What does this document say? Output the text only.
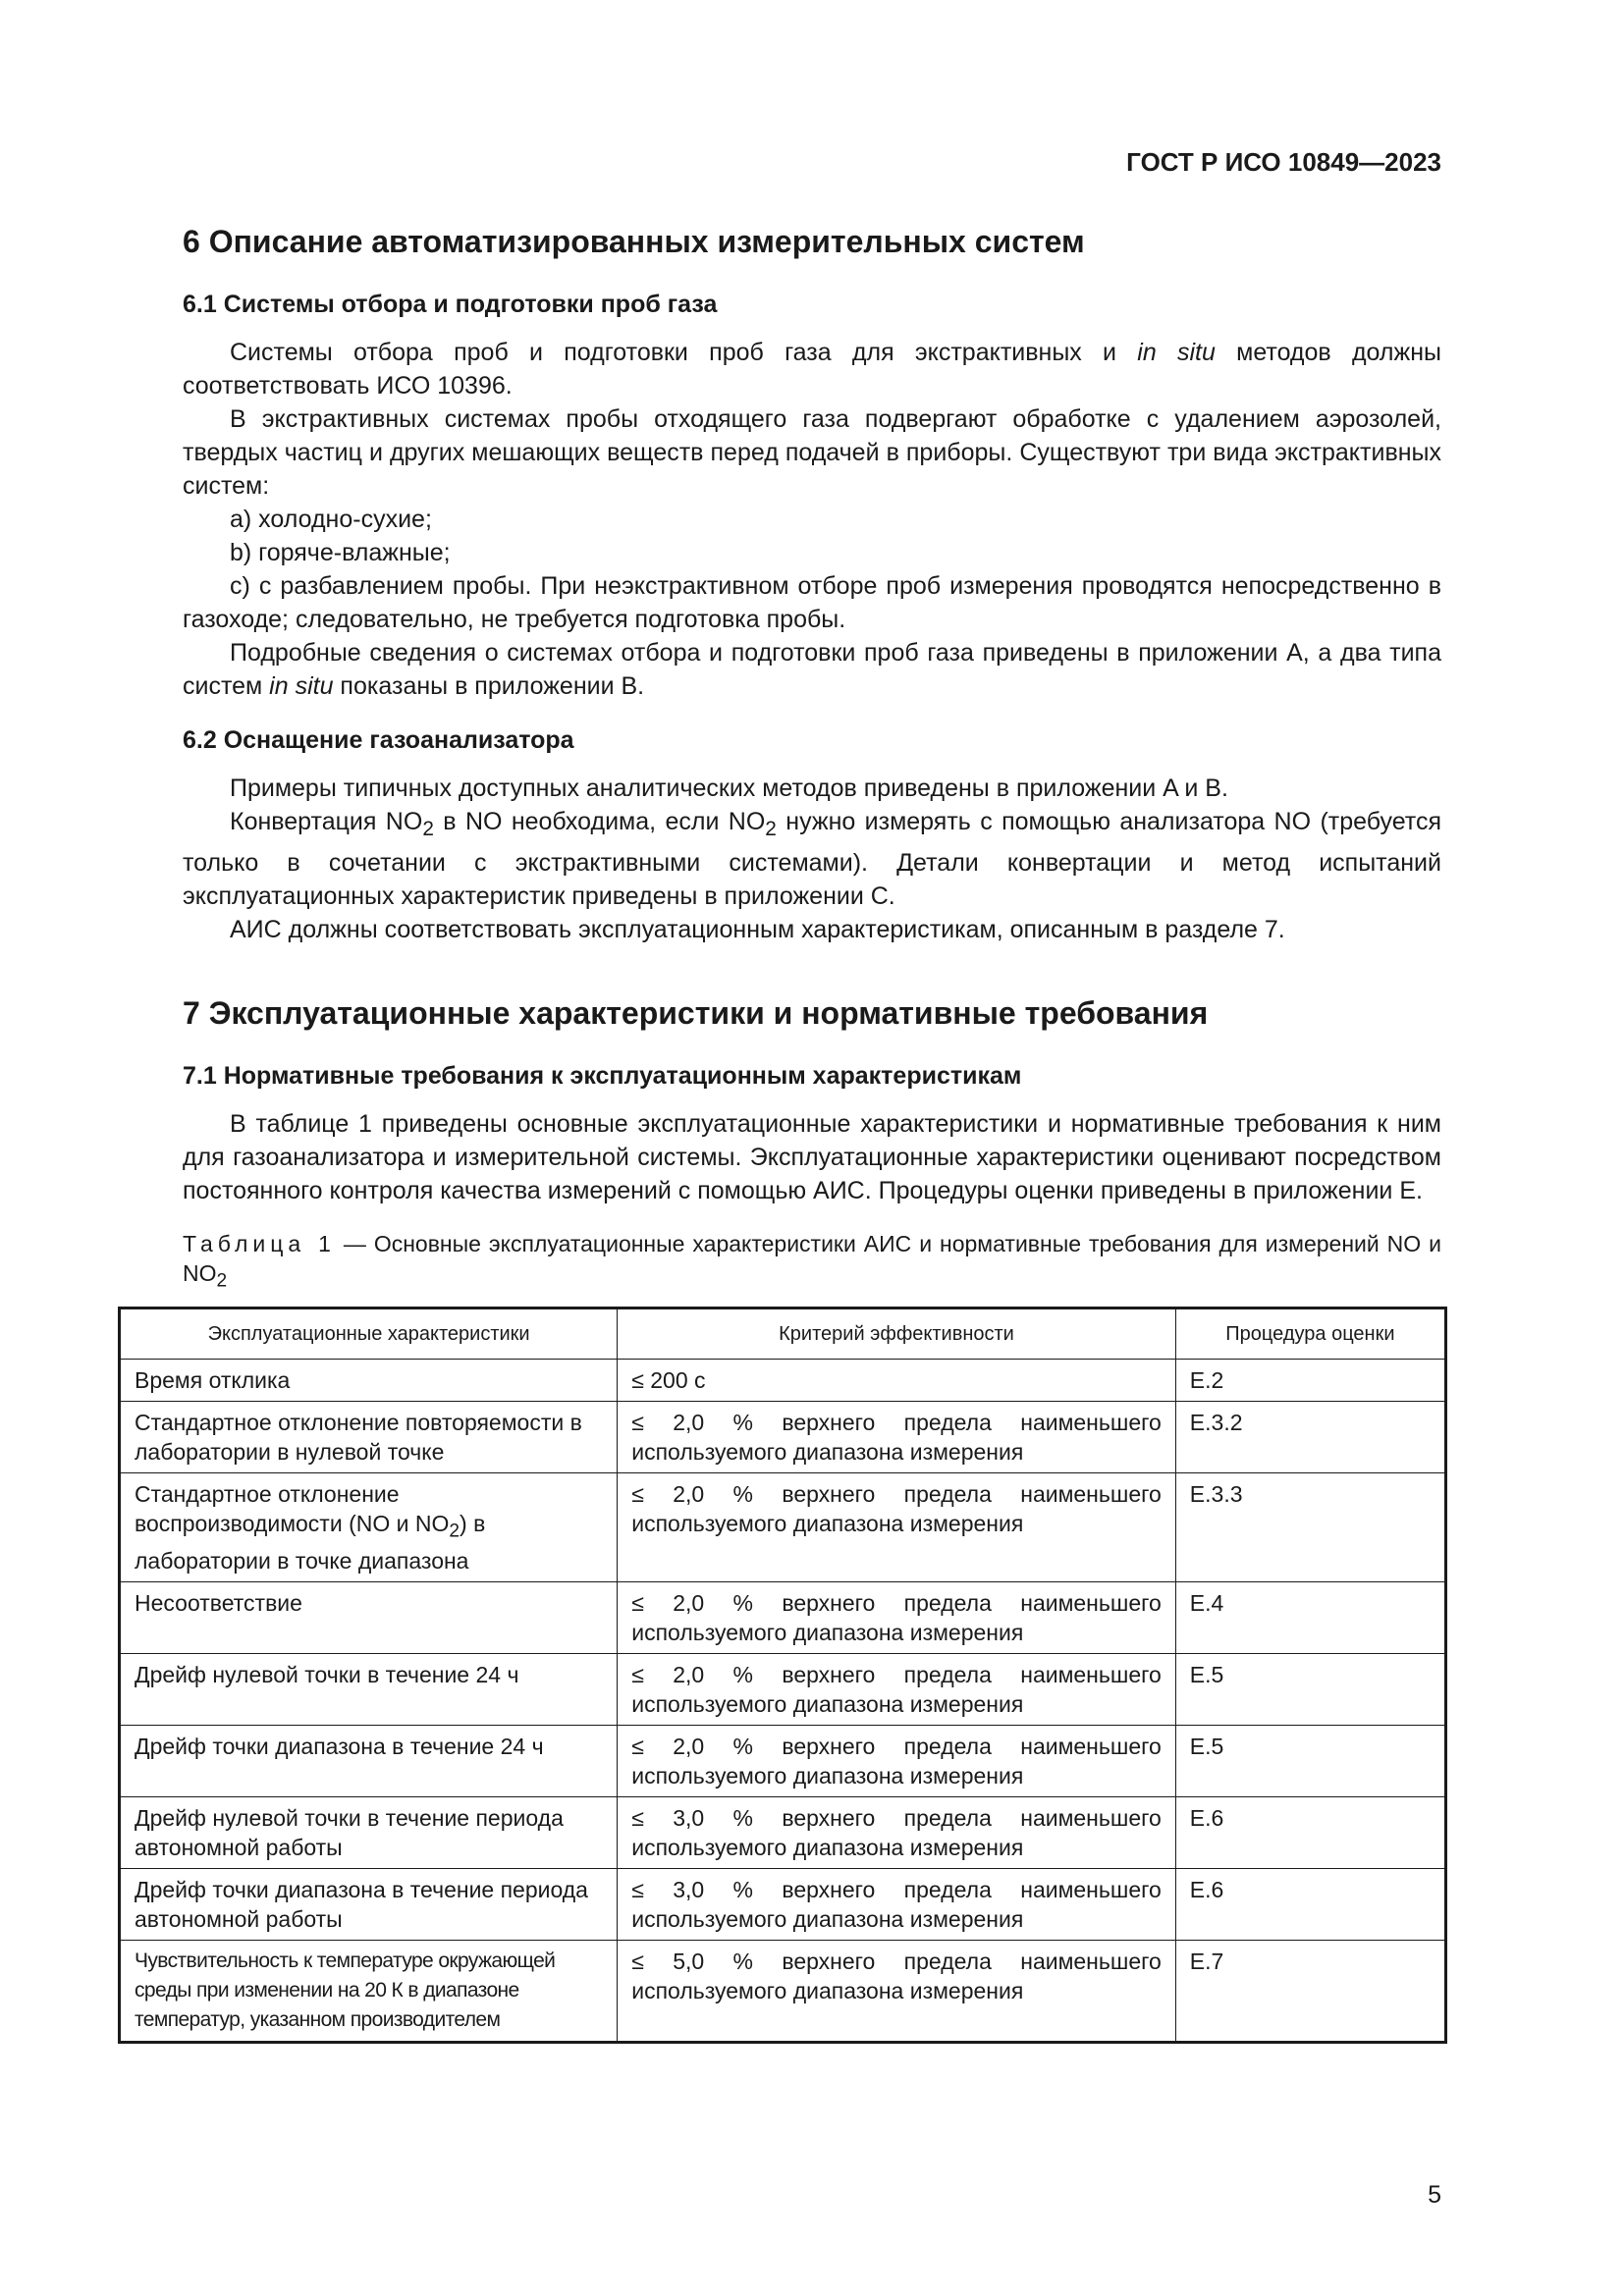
ГОСТ Р ИСО 10849—2023
6 Описание автоматизированных измерительных систем
6.1 Системы отбора и подготовки проб газа

Системы отбора проб и подготовки проб газа для экстрактивных и in situ методов должны соответствовать ИСО 10396.

В экстрактивных системах пробы отходящего газа подвергают обработке с удалением аэрозолей, твердых частиц и других мешающих веществ перед подачей в приборы. Существуют три вида экстрактивных систем:

a) холодно-сухие;

b) горяче-влажные;

c) с разбавлением пробы. При неэкстрактивном отборе проб измерения проводятся непосредственно в газоходе; следовательно, не требуется подготовка пробы.

Подробные сведения о системах отбора и подготовки проб газа приведены в приложении A, а два типа систем in situ показаны в приложении B.

6.2 Оснащение газоанализатора

Примеры типичных доступных аналитических методов приведены в приложении A и B.

Конвертация $NO_2$ в NO необходима, если $NO_2$ нужно измерять с помощью анализатора NO (требуется только в сочетании с экстрактивными системами). Детали конвертации и метод испытаний эксплуатационных характеристик приведены в приложении C.

АИС должны соответствовать эксплуатационным характеристикам, описанным в разделе 7.

7 Эксплуатационные характеристики и нормативные требования
7.1 Нормативные требования к эксплуатационным характеристикам

В таблице 1 приведены основные эксплуатационные характеристики и нормативные требования к ним для газоанализатора и измерительной системы. Эксплуатационные характеристики оценивают посредством постоянного контроля качества измерений с помощью АИС. Процедуры оценки приведены в приложении E.

Таблица 1 — Основные эксплуатационные характеристики АИС и нормативные требования для измерений NO и $NO_2$

Эксплуатационные характеристики	Критерий эффективности	Процедура оценки
Время отклика	≤ 200 с	E.2
Стандартное отклонение повторяемости в лаборатории в нулевой точке	≤ 2,0 % верхнего предела наименьшего используемого диапазона измерения	E.3.2
Стандартное отклонение воспроизводимости (NO и $NO_2$) в лаборатории в точке диапазона	≤ 2,0 % верхнего предела наименьшего используемого диапазона измерения	E.3.3
Несоответствие	≤ 2,0 % верхнего предела наименьшего используемого диапазона измерения	E.4
Дрейф нулевой точки в течение 24 ч	≤ 2,0 % верхнего предела наименьшего используемого диапазона измерения	E.5
Дрейф точки диапазона в течение 24 ч	≤ 2,0 % верхнего предела наименьшего используемого диапазона измерения	E.5
Дрейф нулевой точки в течение периода автономной работы	≤ 3,0 % верхнего предела наименьшего используемого диапазона измерения	E.6
Дрейф точки диапазона в течение периода автономной работы	≤ 3,0 % верхнего предела наименьшего используемого диапазона измерения	E.6
Чувствительность к температуре окружающей среды при изменении на 20 К в диапазоне температур, указанном производителем	≤ 5,0 % верхнего предела наименьшего используемого диапазона измерения	E.7
5
